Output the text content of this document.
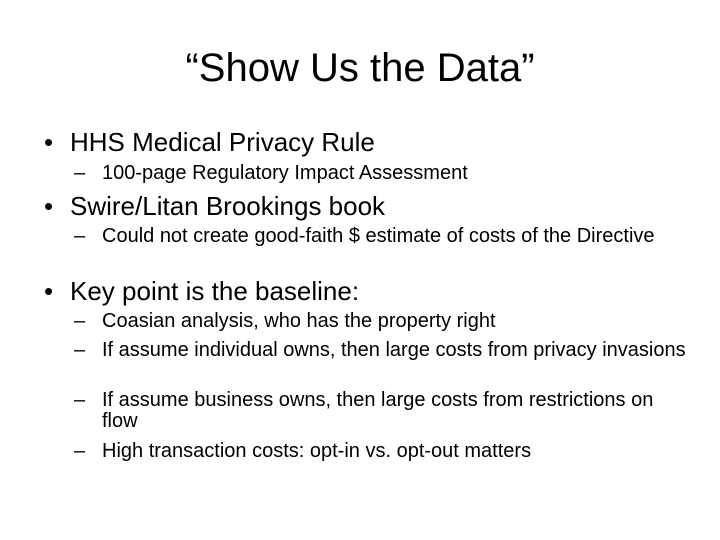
“Show Us the Data”
• HHS Medical Privacy Rule
– 100-page Regulatory Impact Assessment
• Swire/Litan Brookings book
– Could not create good-faith $ estimate of costs of the Directive
• Key point is the baseline:
– Coasian analysis, who has the property right
– If assume individual owns, then large costs from privacy invasions
– If assume business owns, then large costs from restrictions on flow
– High transaction costs: opt-in vs. opt-out matters
